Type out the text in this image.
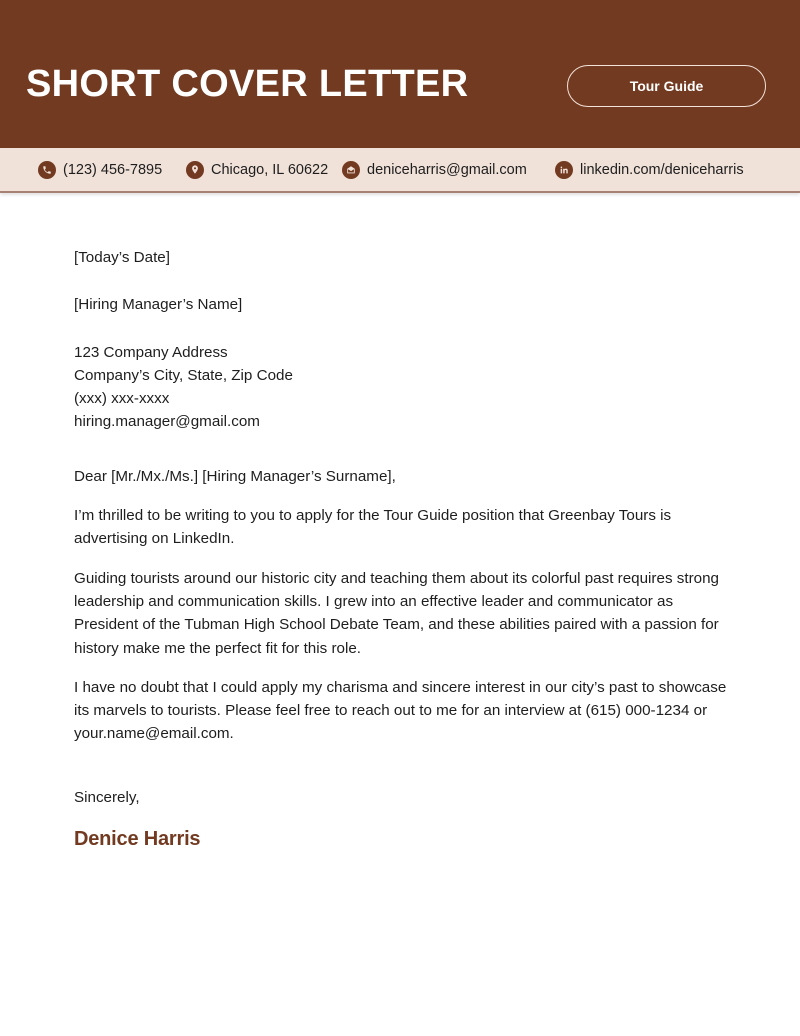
SHORT COVER LETTER	Tour Guide
(123) 456-7895	Chicago, IL 60622	deniceharris@gmail.com	linkedin.com/deniceharris

[Today’s Date]

[Hiring Manager’s Name]

123 Company Address

Company’s City, State, Zip Code

(xxx) xxx-xxxx

hiring.manager@gmail.com

Dear [Mr./Mx./Ms.] [Hiring Manager’s Surname],

I’m thrilled to be writing to you to apply for the Tour Guide position that Greenbay Tours is advertising on LinkedIn.

Guiding tourists around our historic city and teaching them about its colorful past requires strong leadership and communication skills. I grew into an effective leader and communicator as President of the Tubman High School Debate Team, and these abilities paired with a passion for history make me the perfect fit for this role.

I have no doubt that I could apply my charisma and sincere interest in our city’s past to showcase its marvels to tourists. Please feel free to reach out to me for an interview at (615) 000-1234 or your.name@email.com.

Sincerely,

Denice Harris
